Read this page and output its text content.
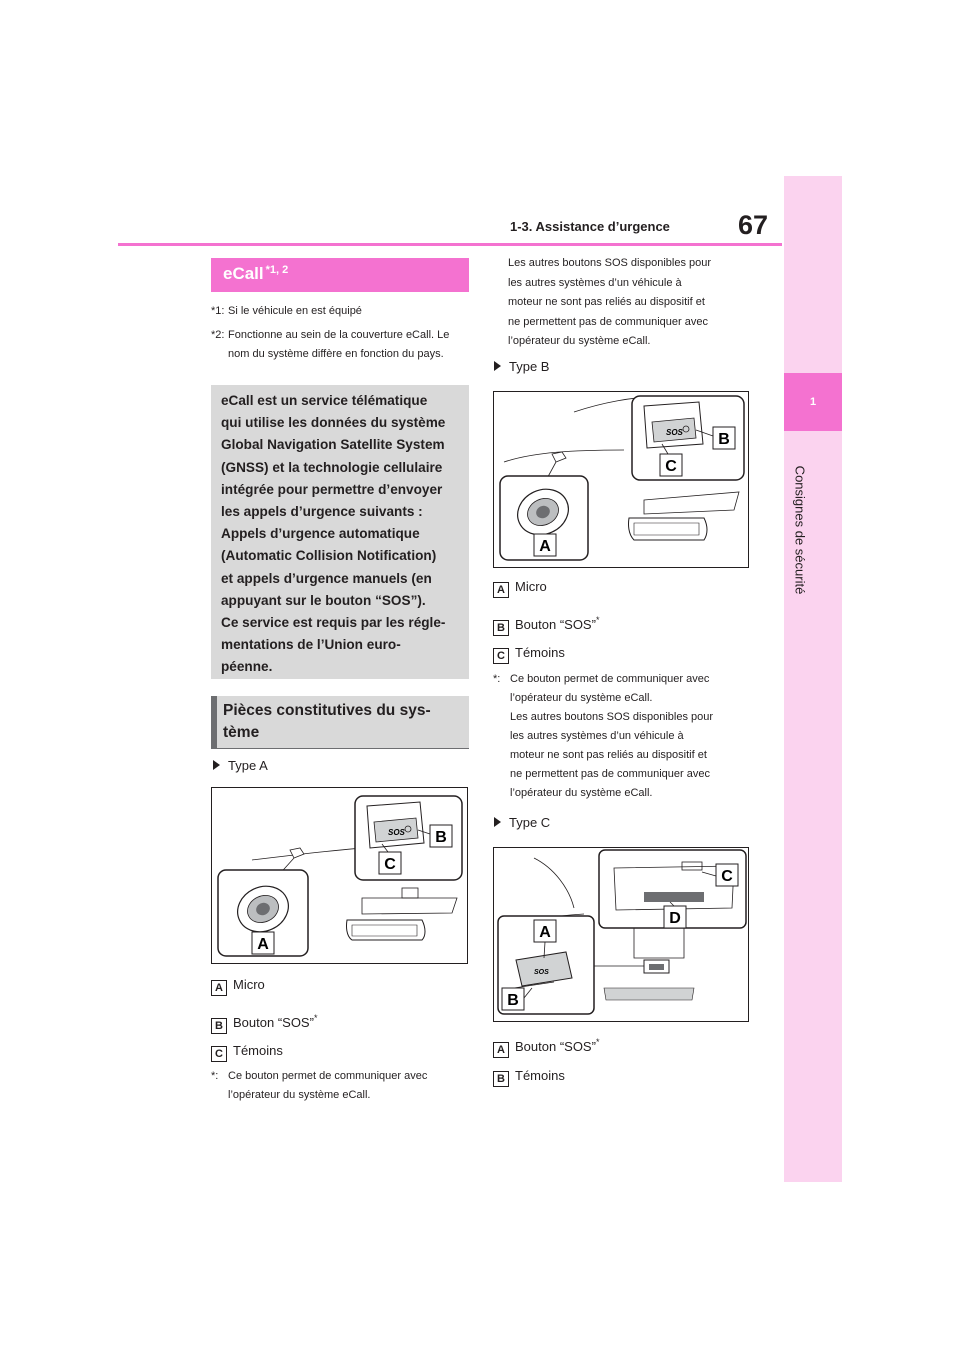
67
1-3. Assistance d’urgence
1
Consignes de sécurité
eCall $^{*1, 2}$
*1: Si le véhicule en est équipé
*2: Fonctionne au sein de la couverture eCall. Le nom du système diffère en fonction du pays.
eCall est un service télématique
qui utilise les données du système
Global Navigation Satellite System
(GNSS) et la technologie cellulaire
intégrée pour permettre d’envoyer
les appels d’urgence suivants :
Appels d’urgence automatique
(Automatic Collision Notification)
et appels d’urgence manuels (en
appuyant sur le bouton “SOS”).
Ce service est requis par les régle-
mentations de l’Union euro-
péenne.
Pièces constitutives du sys-
tème
Type A
A
SOS B
C
A Micro
B Bouton “SOS”*
C Témoins
*: Ce bouton permet de communiquer avec
l’opérateur du système eCall.
Les autres boutons SOS disponibles pour
les autres systèmes d’un véhicule à
moteur ne sont pas reliés au dispositif et
ne permettent pas de communiquer avec
l’opérateur du système eCall.
Type B
A
SOS B
C
A Micro
B Bouton “SOS”*
C Témoins
*: Ce bouton permet de communiquer avec
l’opérateur du système eCall.
Les autres boutons SOS disponibles pour
les autres systèmes d’un véhicule à
moteur ne sont pas reliés au dispositif et
ne permettent pas de communiquer avec
l’opérateur du système eCall.
Type C
C
D
SOS
A
B
A Bouton “SOS”*
B Témoins
